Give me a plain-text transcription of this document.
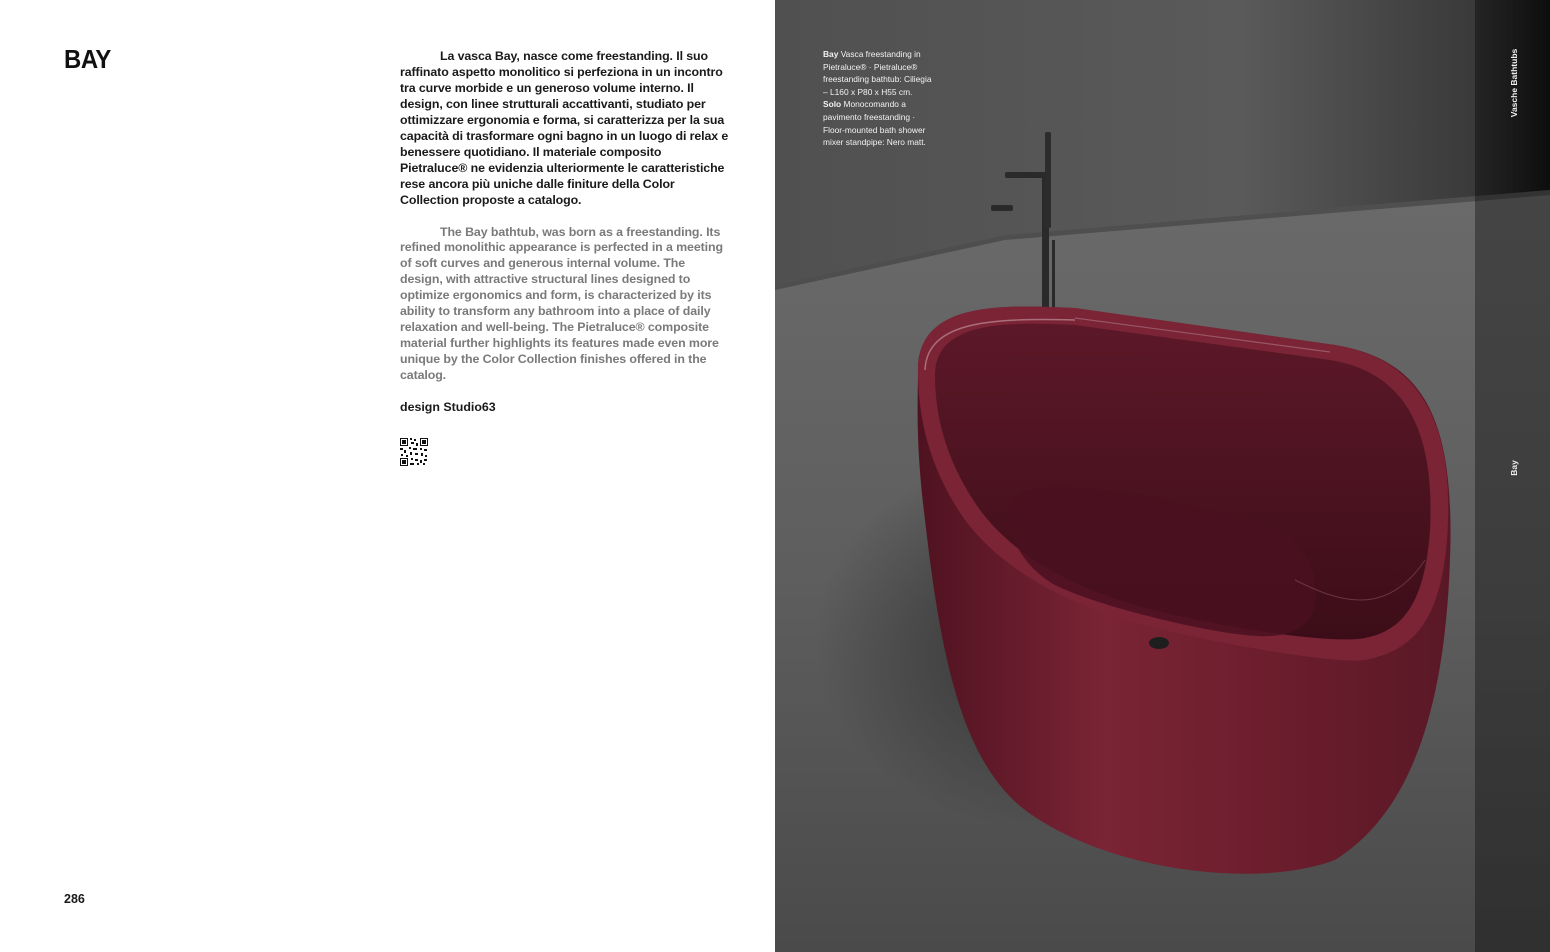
BAY	La vasca Bay, nasce come freestanding. Il suo raffinato aspetto monolitico si perfeziona in un incontro tra curve morbide e un generoso volume interno. Il design, con linee strutturali accattivanti, studiato per ottimizzare ergonomia e forma, si caratterizza per la sua capacità di trasformare ogni bagno in un luogo di relax e benessere quotidiano. Il materiale composito Pietraluce® ne evidenzia ulteriormente le caratteristiche rese ancora più uniche dalle finiture della Color Collection proposte a catalogo.

The Bay bathtub, was born as a freestanding. Its refined monolithic appearance is perfected in a meeting of soft curves and generous internal volume. The design, with attractive structural lines designed to optimize ergonomics and form, is characterized by its ability to transform any bathroom into a place of daily relaxation and well-being. The Pietraluce® composite material further highlights its features made even more unique by the Color Collection finishes offered in the catalog.

design Studio63
286
Bay Vasca freestanding in Pietraluce® · Pietraluce® freestanding bathtub: Ciliegia – L160 x P80 x H55 cm.
Solo Monocomando a pavimento freestanding · Floor-mounted bath shower mixer standpipe: Nero matt.
Vasche Bathtubs
Bay
